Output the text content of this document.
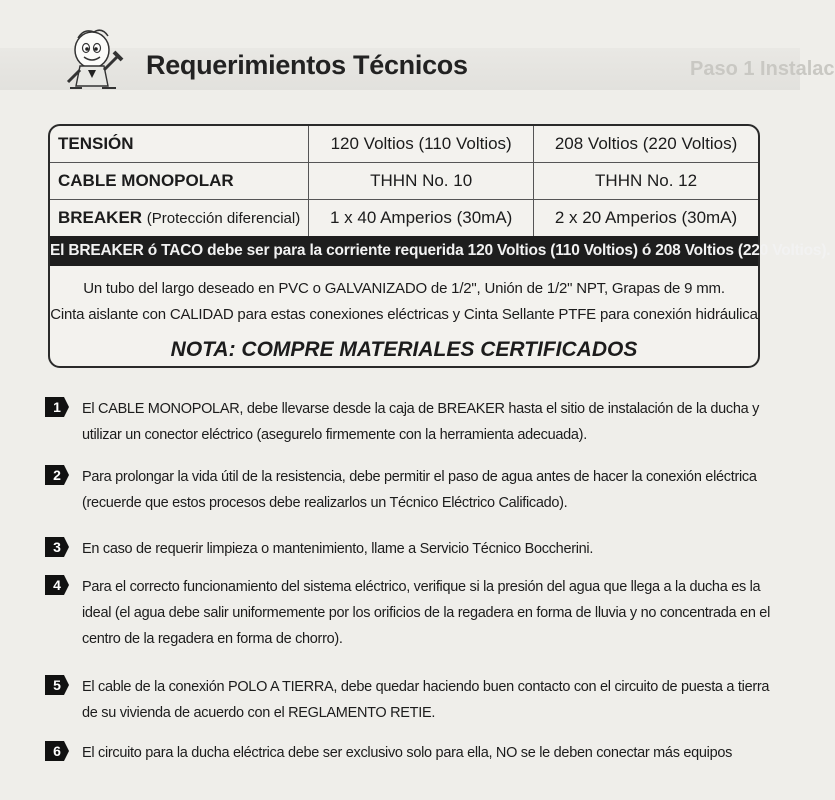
Paso 1 Instalac
Requerimientos Técnicos
TENSIÓN	120 Voltios (110 Voltios)	208 Voltios (220 Voltios)
CABLE MONOPOLAR	THHN No. 10	THHN No. 12
BREAKER (Protección diferencial)	1 x 40 Amperios (30mA)	2 x 20 Amperios (30mA)
El BREAKER ó TACO debe ser para la corriente requerida 120 Voltios (110 Voltios) ó 208 Voltios (220 Voltios).
Un tubo del largo deseado en PVC o GALVANIZADO de 1/2", Unión de 1/2" NPT, Grapas de 9 mm.
Cinta aislante con CALIDAD para estas conexiones eléctricas y Cinta Sellante PTFE para conexión hidráulica
NOTA: COMPRE MATERIALES CERTIFICADOS
1	El CABLE MONOPOLAR, debe llevarse desde la caja de BREAKER hasta el sitio de instalación de la ducha y utilizar un conector eléctrico (asegurelo firmemente con la herramienta adecuada).
2	Para prolongar la vida útil de la resistencia, debe permitir el paso de agua antes de hacer la conexión eléctrica (recuerde que estos procesos debe realizarlos un Técnico Eléctrico Calificado).
3	En caso de requerir limpieza o mantenimiento, llame a Servicio Técnico Boccherini.
4	Para el correcto funcionamiento del sistema eléctrico, verifique si la presión del agua que llega a la ducha es la ideal (el agua debe salir uniformemente por los orificios de la regadera en forma de lluvia y no concentrada en el centro de la regadera en forma de chorro).
5	El cable de la conexión POLO A TIERRA, debe quedar haciendo buen contacto con el circuito de puesta a tierra de su vivienda de acuerdo con el REGLAMENTO RETIE.
6	El circuito para la ducha eléctrica debe ser exclusivo solo para ella, NO se le deben conectar más equipos
